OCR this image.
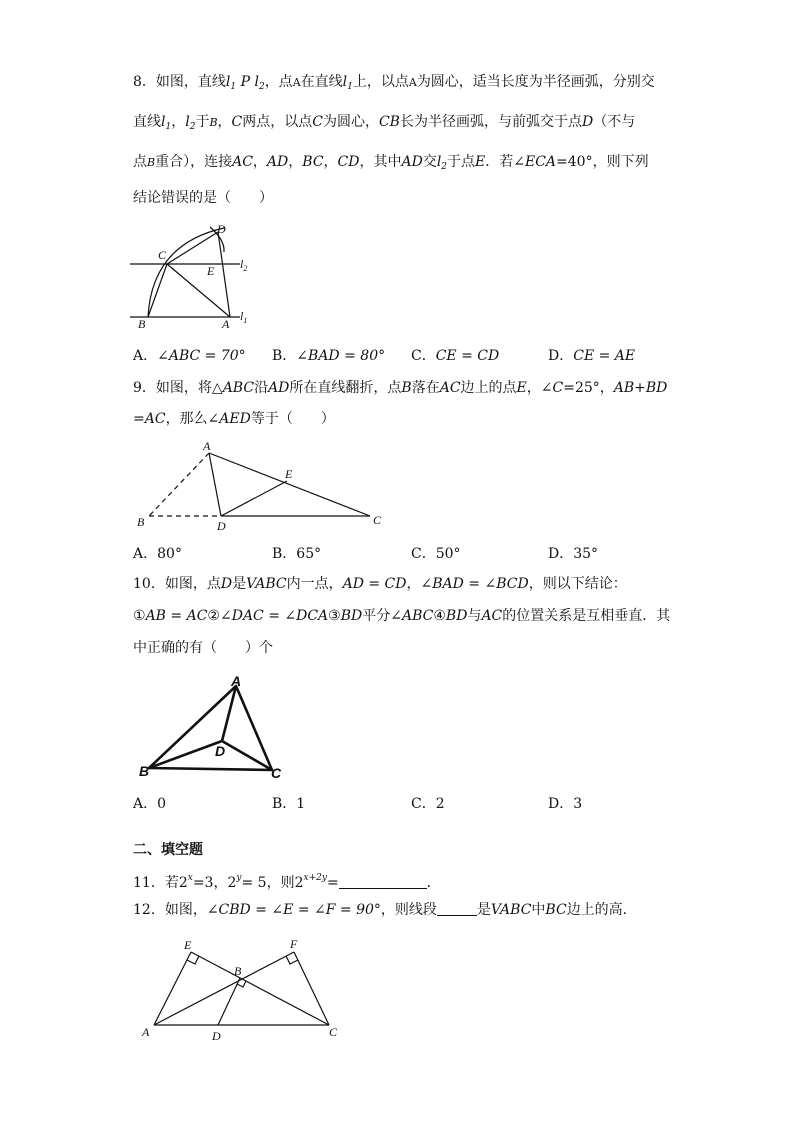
8．如图，直线$l_1$ P $l_2$，点A在直线$l_1$上，以点A为圆心，适当长度为半径画弧，分别交
直线$l_1$，$l_2$于B，C两点，以点C为圆心，CB长为半径画弧，与前弧交于点D（不与
点B重合），连接AC，AD，BC，CD，其中AD交$l_2$于点E．若∠ECA=40°，则下列
结论错误的是（　　）
C
D
E
B	A
$l_2$
$l_1$
A．∠ABC = 70° B．∠BAD = 80° C．CE = CD	D．CE = AE
9．如图，将△ABC沿AD所在直线翻折，点B落在AC边上的点E，∠C=25°，AB+BD
=AC，那么∠AED等于（　　）
A
E
B	D	C
A．80°	B．65°	C．50°	D．35°
10．如图，点D是VABC内一点，AD = CD，∠BAD = ∠BCD，则以下结论：
①AB = AC②∠DAC = ∠DCA③BD平分∠ABC④BD与AC的位置关系是互相垂直．其
中正确的有（　　）个
A
D
B	C
A．0	B．1	C．2	D．3
二、填空题
11．若$2^x=3$，$2^y= 5$，则$2^{x+2y}=$	．
12．如图，∠CBD = ∠E = ∠F = 90°，则线段	是VABC中BC边上的高．
E	F
B
A	D	C
